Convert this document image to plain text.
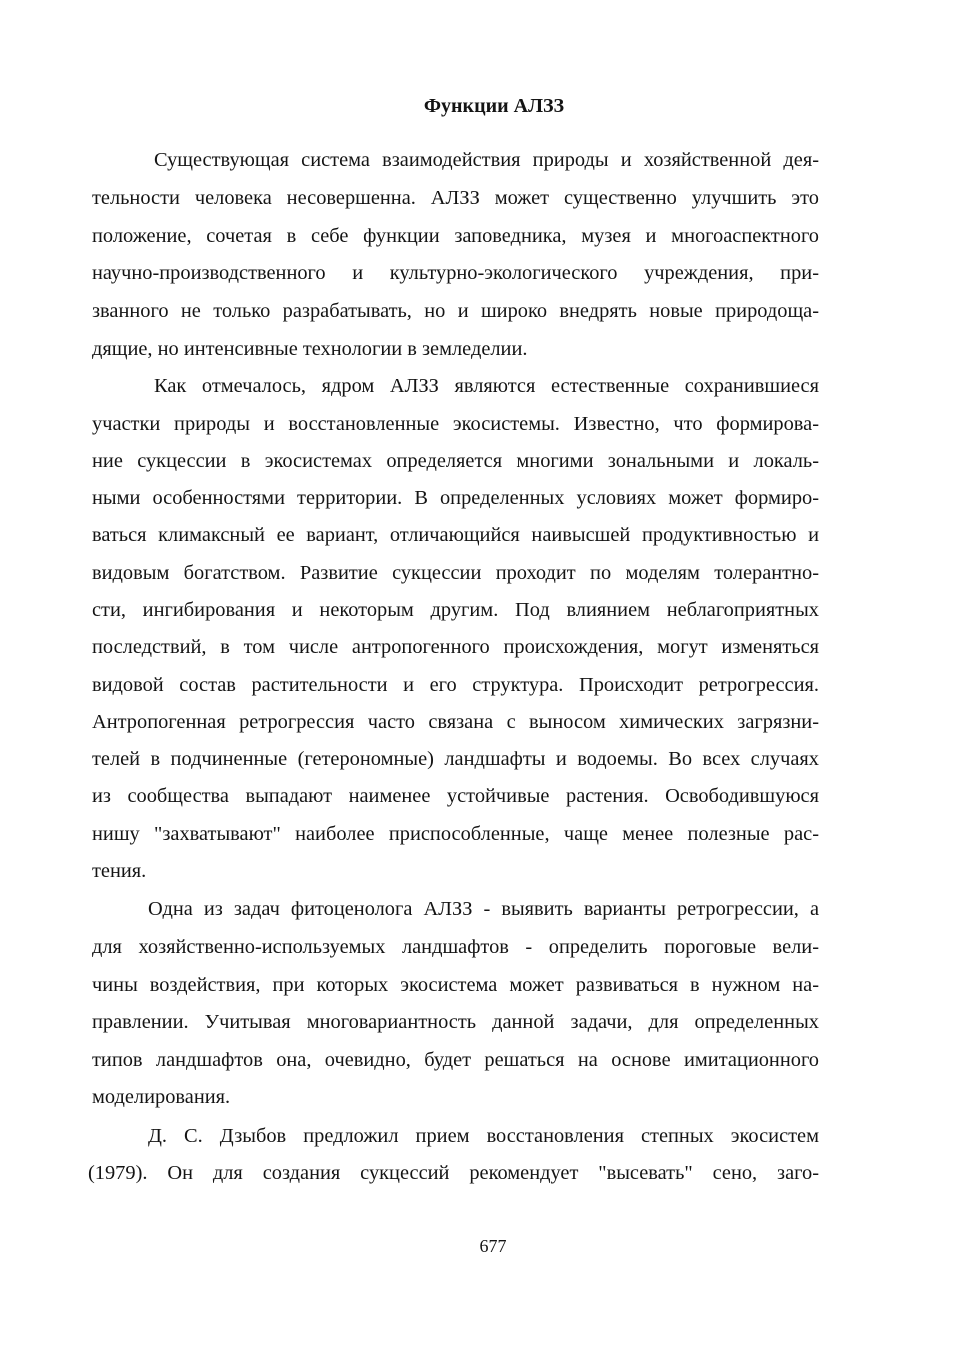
Функции АЛЗЗ
Существующая система взаимодействия природы и хозяйственной дея-
тельности человека несовершенна. АЛЗЗ может существенно улучшить это
положение, сочетая в себе функции заповедника, музея и многоаспектного
научно-производственного и культурно-экологического учреждения, при-
званного не только разрабатывать, но и широко внедрять новые природоща-
дящие, но интенсивные технологии в земледелии.
Как отмечалось, ядром АЛЗЗ являются естественные сохранившиеся
участки природы и восстановленные экосистемы. Известно, что формирова-
ние сукцессии в экосистемах определяется многими зональными и локаль-
ными особенностями территории. В определенных условиях может формиро-
ваться климаксный ее вариант, отличающийся наивысшей продуктивностью и
видовым богатством. Развитие сукцессии проходит по моделям толерантно-
сти, ингибирования и некоторым другим. Под влиянием неблагоприятных
последствий, в том числе антропогенного происхождения, могут изменяться
видовой состав растительности и его структура. Происходит ретрогрессия.
Антропогенная ретрогрессия часто связана с выносом химических загрязни-
телей в подчиненные (гетерономные) ландшафты и водоемы. Во всех случаях
из сообщества выпадают наименее устойчивые растения. Освободившуюся
нишу "захватывают" наиболее приспособленные, чаще менее полезные рас-
тения.
Одна из задач фитоценолога АЛЗЗ - выявить варианты ретрогрессии, а
для хозяйственно-используемых ландшафтов - определить пороговые вели-
чины воздействия, при которых экосистема может развиваться в нужном на-
правлении. Учитывая многовариантность данной задачи, для определенных
типов ландшафтов она, очевидно, будет решаться на основе имитационного
моделирования.
Д. С. Дзыбов предложил прием восстановления степных экосистем
(1979). Он для создания сукцессий рекомендует "высевать" сено, заго-
677
